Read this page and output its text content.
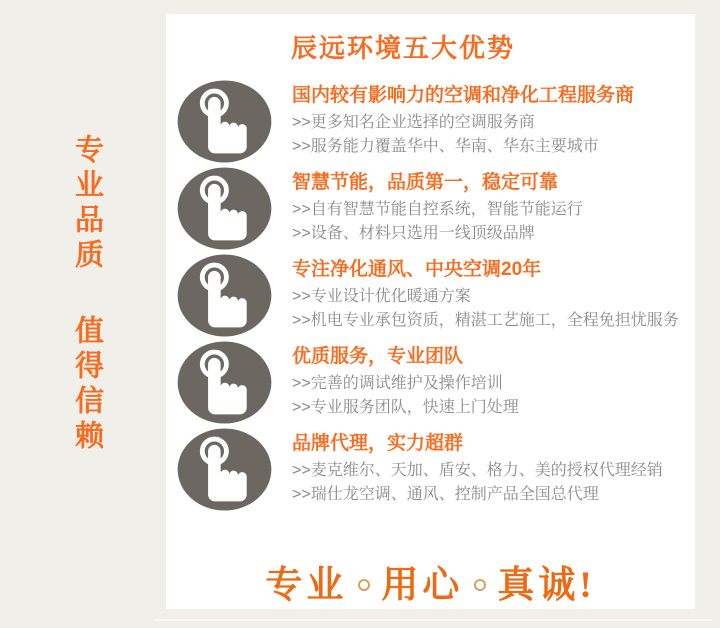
专业品质
值得信赖
辰远环境五大优势
国内较有影响力的空调和净化工程服务商

>>更多知名企业选择的空调服务商

>>服务能力覆盖华中、华南、华东主要城市

智慧节能，品质第一，稳定可靠

>>自有智慧节能自控系统，智能节能运行

>>设备、材料只选用一线顶级品牌

专注净化通风、中央空调20年

>>专业设计优化暖通方案

>>机电专业承包资质，精湛工艺施工，全程免担忧服务

优质服务，专业团队

>>完善的调试维护及操作培训

>>专业服务团队，快速上门处理

品牌代理，实力超群

>>麦克维尔、天加、盾安、格力、美的授权代理经销

>>瑞仕龙空调、通风、控制产品全国总代理

专业 用心 真诚!
